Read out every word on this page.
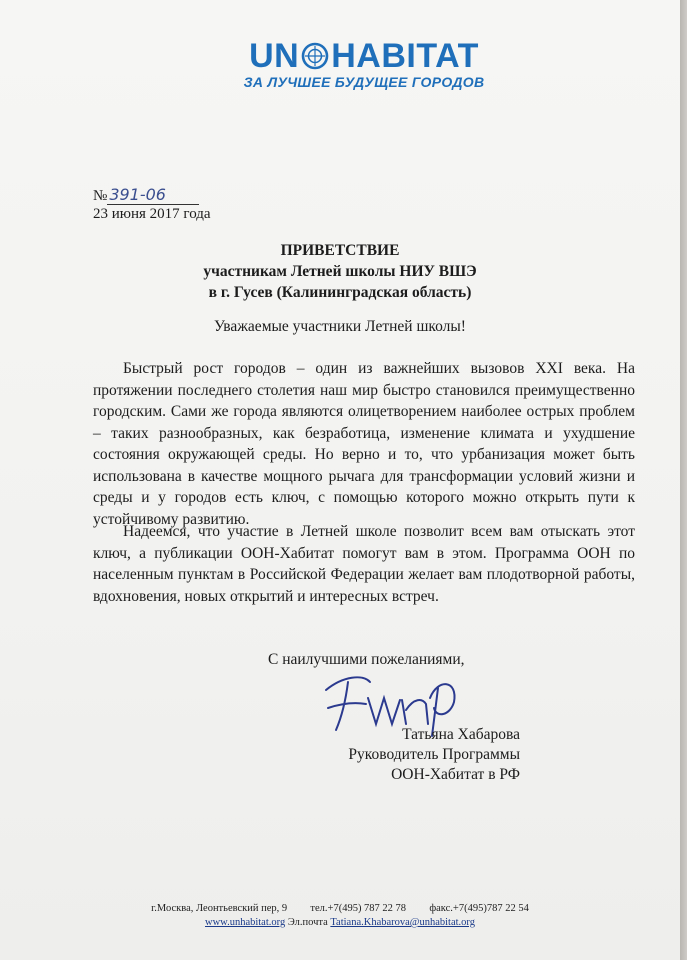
UN HABITAT
ЗА ЛУЧШЕЕ БУДУЩЕЕ ГОРОДОВ
№ 391-06
23 июня 2017 года
ПРИВЕТСТВИЕ
участникам Летней школы НИУ ВШЭ
в г. Гусев (Калининградская область)
Уважаемые участники Летней школы!

Быстрый рост городов – один из важнейших вызовов XXI века. На протяжении последнего столетия наш мир быстро становился преимущественно городским. Сами же города являются олицетворением наиболее острых проблем – таких разнообразных, как безработица, изменение климата и ухудшение состояния окружающей среды. Но верно и то, что урбанизация может быть использована в качестве мощного рычага для трансформации условий жизни и среды и у городов есть ключ, с помощью которого можно открыть пути к устойчивому развитию.

Надеемся, что участие в Летней школе позволит всем вам отыскать этот ключ, а публикации ООН-Хабитат помогут вам в этом. Программа ООН по населенным пунктам в Российской Федерации желает вам плодотворной работы, вдохновения, новых открытий и интересных встреч.

С наилучшими пожеланиями,
Татьяна Хабарова
Руководитель Программы
ООН-Хабитат в РФ
г.Москва, Леонтьевский пер, 9 тел.+7(495) 787 22 78 факс.+7(495)787 22 54
www.unhabitat.org Эл.почта Tatiana.Khabarova@unhabitat.org
